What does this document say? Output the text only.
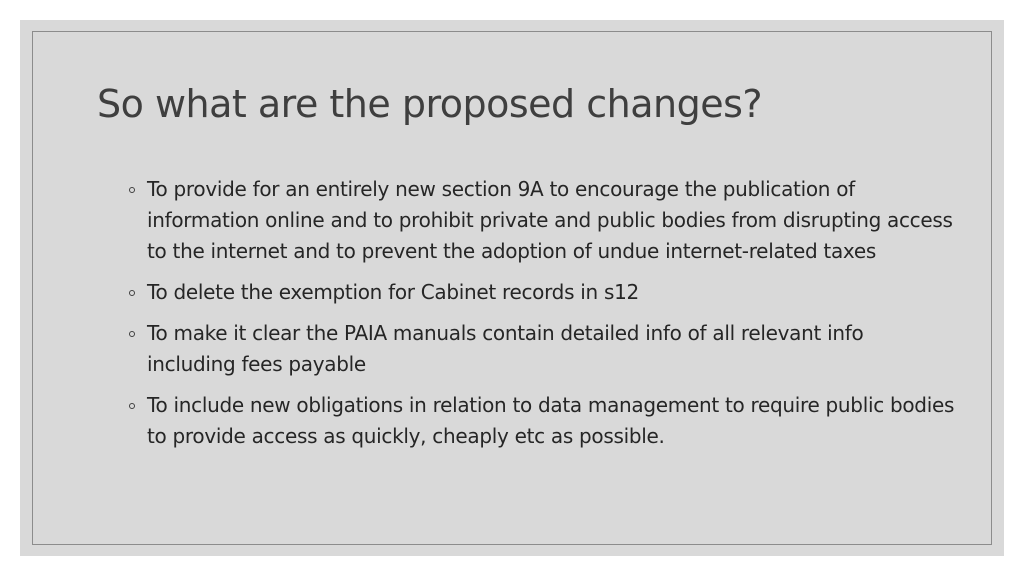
So what are the proposed changes?
To provide for an entirely new section 9A to encourage the publication of information online and to prohibit private and public bodies from disrupting access to the internet and to prevent the adoption of undue internet-related taxes
To delete the exemption for Cabinet records in s12
To make it clear the PAIA manuals contain detailed info of all relevant info including fees payable
To include new obligations in relation to data management to require public bodies to provide access as quickly, cheaply etc as possible.
